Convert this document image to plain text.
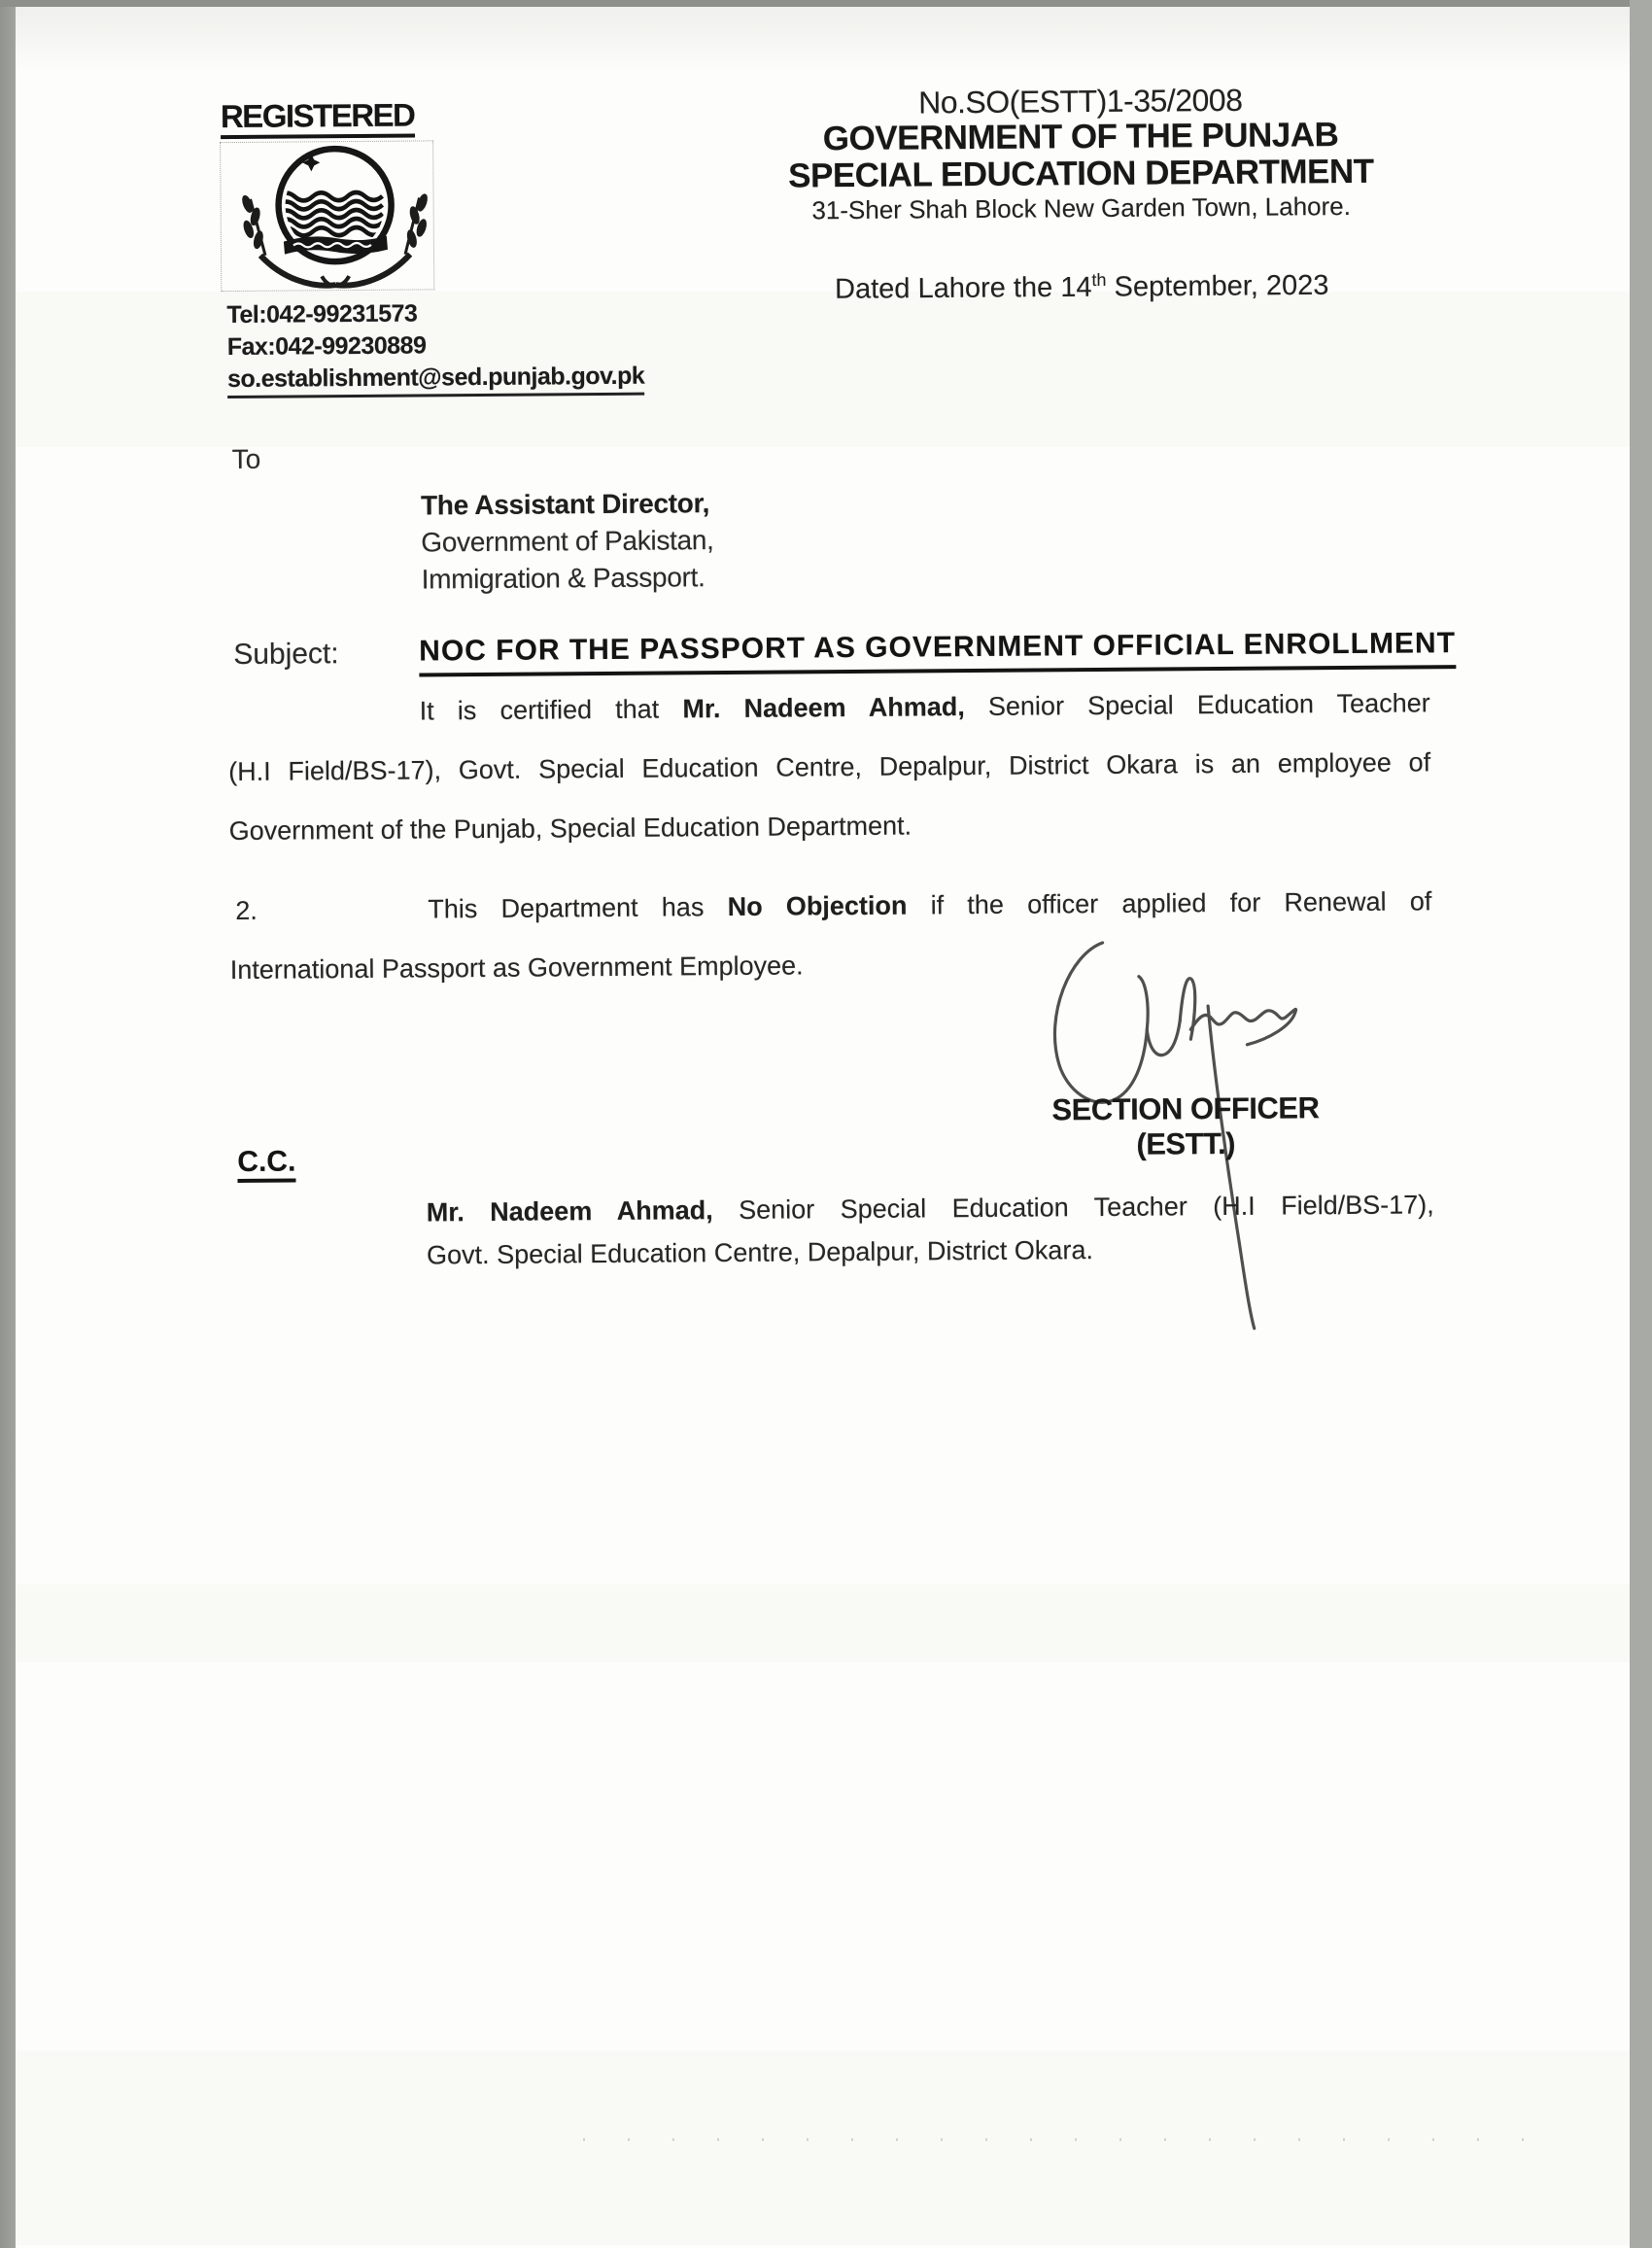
REGISTERED
Tel:042-99231573
Fax:042-99230889
so.establishment@sed.punjab.gov.pk
No.SO(ESTT)1-35/2008
GOVERNMENT OF THE PUNJAB
SPECIAL EDUCATION DEPARTMENT
31-Sher Shah Block New Garden Town, Lahore.
Dated Lahore the 14th September, 2023
To
The Assistant Director,
Government of Pakistan,
Immigration & Passport.
Subject:	NOC FOR THE PASSPORT AS GOVERNMENT OFFICIAL ENROLLMENT
It is certified that Mr. Nadeem Ahmad, Senior Special Education Teacher
(H.I Field/BS-17), Govt. Special Education Centre, Depalpur, District Okara is an employee of
Government of the Punjab, Special Education Department.
2.	This Department has No Objection if the officer applied for Renewal of
International Passport as Government Employee.
SECTION OFFICER (ESTT.)
C.C.
Mr. Nadeem Ahmad, Senior Special Education Teacher (H.I Field/BS-17),
Govt. Special Education Centre, Depalpur, District Okara.
